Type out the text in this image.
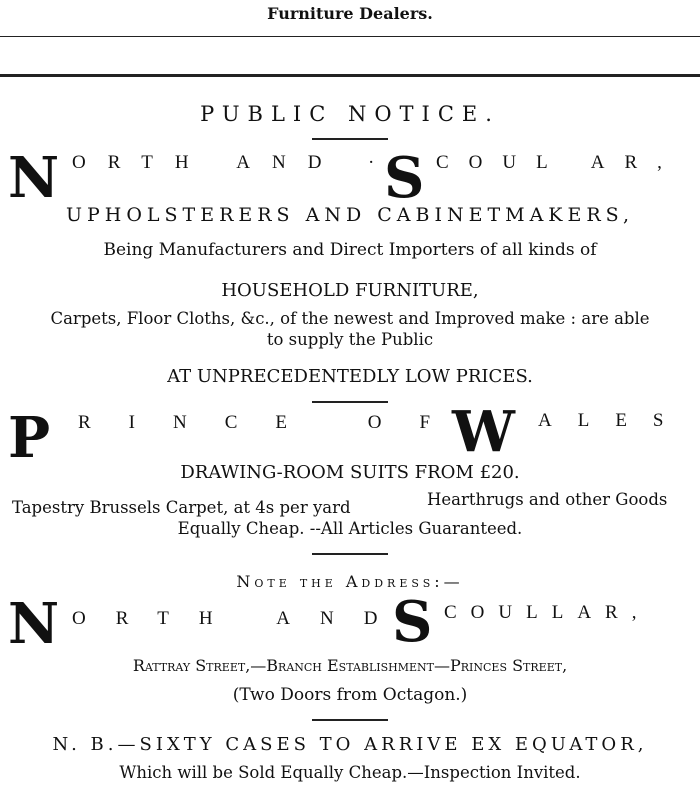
Furniture Dealers.
PUBLIC NOTICE.
N ORTH AND · S COUL AR,
UPHOLSTERERS AND CABINETMAKERS,
Being Manufacturers and Direct Importers of all kinds of
HOUSEHOLD FURNITURE,
Carpets, Floor Cloths, &c., of the newest and Improved make : are able
to supply the Public
AT UNPRECEDENTEDLY LOW PRICES.
P RINCE OF
W ALES
DRAWING-ROOM SUITS FROM £20.
Tapestry Brussels Carpet, at 4s per yard	Hearthrugs and other Goods
Equally Cheap. --All Articles Guaranteed.
Note the Address:—
N ORTH AND
S COULLAR,
Rattray Street,—Branch Establishment—Princes Street,
(Two Doors from Octagon.)
N. B.—SIXTY CASES TO ARRIVE EX EQUATOR,
Which will be Sold Equally Cheap.—Inspection Invited.
